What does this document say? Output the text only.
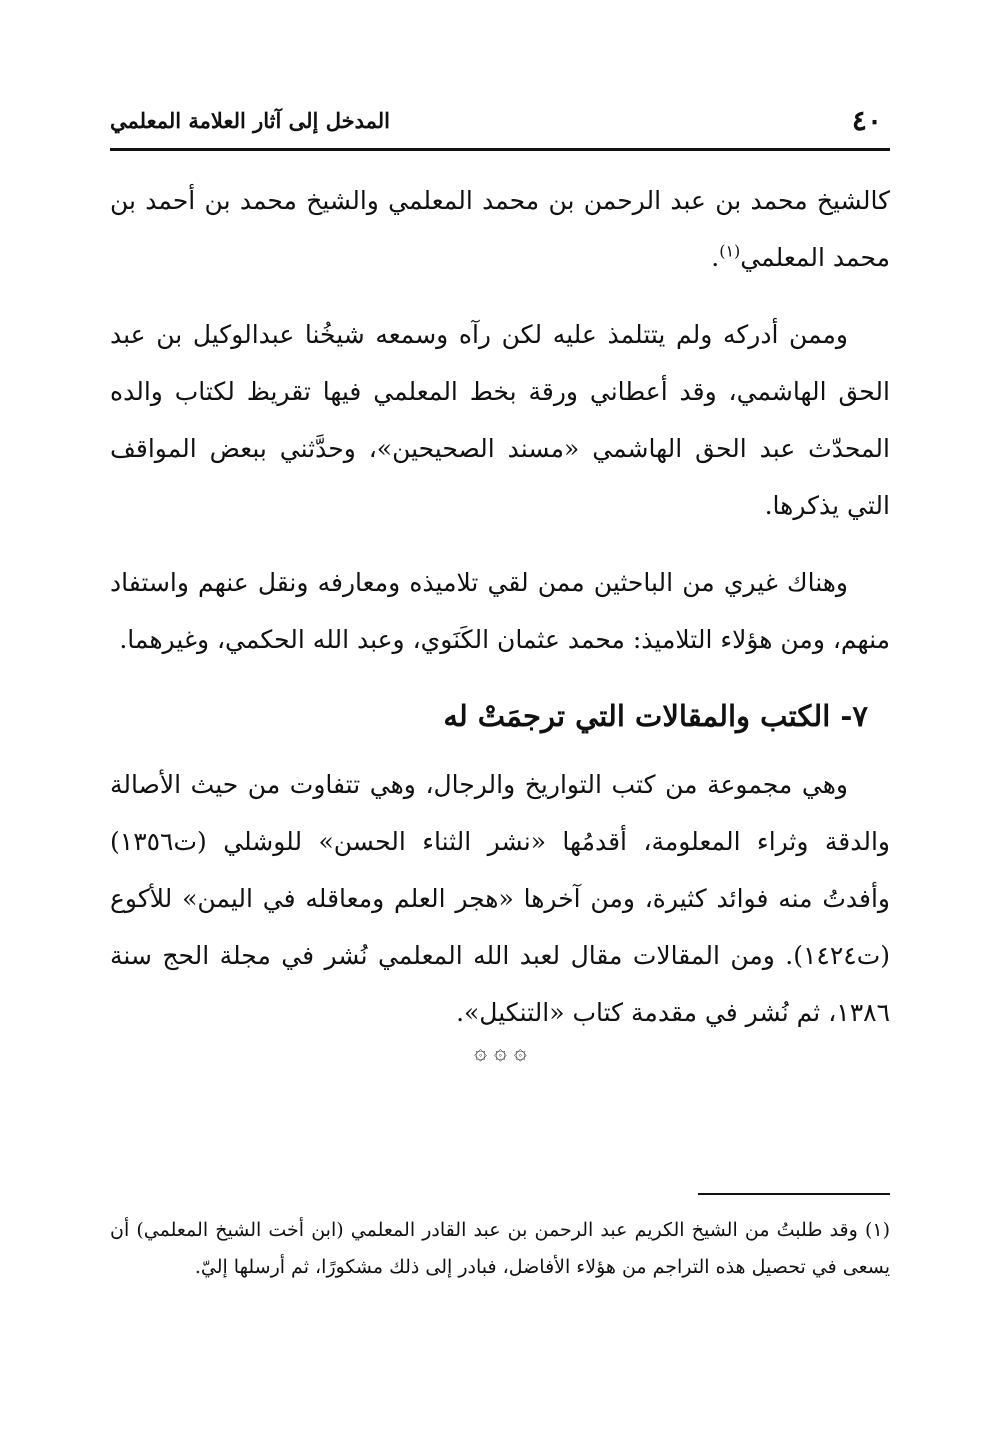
٤٠
المدخل إلى آثار العلامة المعلمي

كالشيخ محمد بن عبد الرحمن بن محمد المعلمي والشيخ محمد بن أحمد بن محمد المعلمي$^{(١)}$.

وممن أدركه ولم يتتلمذ عليه لكن رآه وسمعه شيخُنا عبدالوكيل بن عبد الحق الهاشمي، وقد أعطاني ورقة بخط المعلمي فيها تقريظ لكتاب والده المحدّث عبد الحق الهاشمي «مسند الصحيحين»، وحدَّثني ببعض المواقف التي يذكرها.

وهناك غيري من الباحثين ممن لقي تلاميذه ومعارفه ونقل عنهم واستفاد منهم، ومن هؤلاء التلاميذ: محمد عثمان الكَنَوي، وعبد الله الحكمي، وغيرهما.

٧- الكتب والمقالات التي ترجمَتْ له

وهي مجموعة من كتب التواريخ والرجال، وهي تتفاوت من حيث الأصالة والدقة وثراء المعلومة، أقدمُها «نشر الثناء الحسن» للوشلي (ت١٣٥٦) وأفدتُ منه فوائد كثيرة، ومن آخرها «هجر العلم ومعاقله في اليمن» للأكوع (ت١٤٢٤). ومن المقالات مقال لعبد الله المعلمي نُشر في مجلة الحج سنة ١٣٨٦، ثم نُشر في مقدمة كتاب «التنكيل».

۞ ۞ ۞

(١) وقد طلبتُ من الشيخ الكريم عبد الرحمن بن عبد القادر المعلمي (ابن أخت الشيخ المعلمي) أن يسعى في تحصيل هذه التراجم من هؤلاء الأفاضل، فبادر إلى ذلك مشكورًا، ثم أرسلها إليّ.
